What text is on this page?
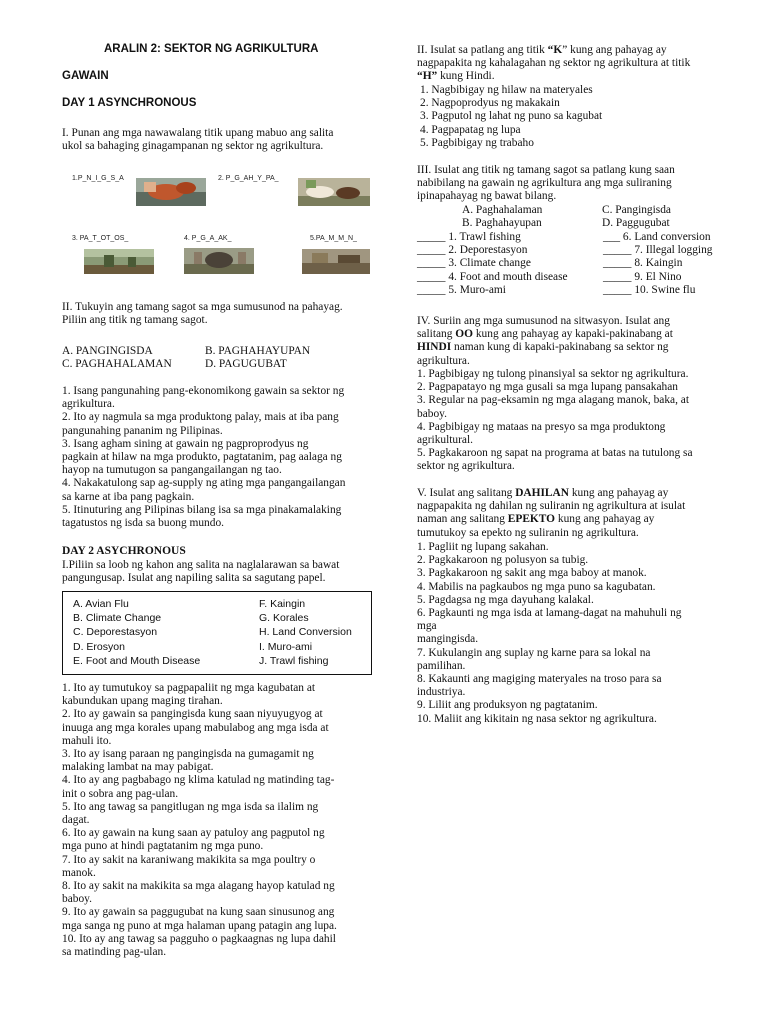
ARALIN 2: SEKTOR NG AGRIKULTURA
GAWAIN
DAY 1 ASYNCHRONOUS
I. Punan ang mga nawawalang titik upang mabuo ang salita
ukol sa bahaging ginagampanan ng sektor ng agrikultura.
1.P_N_I_G_S_A	2. P_G_AH_Y_PA_
3. PA_T_OT_OS_	4. P_G_A_AK_	5.PA_M_M_N_
II. Tukuyin ang tamang sagot sa mga sumusunod na pahayag.
Piliin ang titik ng tamang sagot.
A. PANGINGISDA	B. PAGHAHAYUPAN
C. PAGHAHALAMAN	D. PAGUGUBAT
1. Isang pangunahing pang-ekonomikong gawain sa sektor ng
agrikultura.
2. Ito ay nagmula sa mga produktong palay, mais at iba pang
pangunahing pananim ng Pilipinas.
3. Isang agham sining at gawain ng pagproprodyus ng
pagkain at hilaw na mga produkto, pagtatanim, pag aalaga ng
hayop na tumutugon sa pangangailangan ng tao.
4. Nakakatulong sap ag-supply ng ating mga pangangailangan
sa karne at iba pang pagkain.
5. Itinuturing ang Pilipinas bilang isa sa mga pinakamalaking
tagatustos ng isda sa buong mundo.
DAY 2 ASYCHRONOUS
I.Piliin sa loob ng kahon ang salita na naglalarawan sa bawat
pangungusap. Isulat ang napiling salita sa sagutang papel.
A. Avian Flu
B. Climate Change
C. Deporestasyon
D. Erosyon
E. Foot and Mouth Disease
F. Kaingin
G. Korales
H. Land Conversion
I. Muro-ami
J. Trawl fishing
1. Ito ay tumutukoy sa pagpapaliit ng mga kagubatan at
kabundukan upang maging tirahan.
2. Ito ay gawain sa pangingisda kung saan niyuyugyog at
inuuga ang mga korales upang mabulabog ang mga isda at
mahuli ito.
3. Ito ay isang paraan ng pangingisda na gumagamit ng
malaking lambat na may pabigat.
4. Ito ay ang pagbabago ng klima katulad ng matinding tag-
init o sobra ang pag-ulan.
5. Ito ang tawag sa pangitlugan ng mga isda sa ilalim ng
dagat.
6. Ito ay gawain na kung saan ay patuloy ang pagputol ng
mga puno at hindi pagtatanim ng mga puno.
7. Ito ay sakit na karaniwang makikita sa mga poultry o
manok.
8. Ito ay sakit na makikita sa mga alagang hayop katulad ng
baboy.
9. Ito ay gawain sa paggugubat na kung saan sinusunog ang
mga sanga ng puno at mga halaman upang patagin ang lupa.
10. Ito ay ang tawag sa pagguho o pagkaagnas ng lupa dahil
sa matinding pag-ulan.
II. Isulat sa patlang ang titik “K” kung ang pahayag ay
nagpapakita ng kahalagahan ng sektor ng agrikultura at titik
“H” kung Hindi.
1. Nagbibigay ng hilaw na materyales
2. Nagpoprodyus ng makakain
3. Pagputol ng lahat ng puno sa kagubat
4. Pagpapatag ng lupa
5. Pagbibigay ng trabaho
III. Isulat ang titik ng tamang sagot sa patlang kung saan
nabibilang na gawain ng agrikultura ang mga suliraning
ipinapahayag ng bawat bilang.
A. Paghahalaman	C. Pangingisda
B. Paghahayupan	D. Paggugubat
_____ 1. Trawl fishing
_____ 2. Deporestasyon
_____ 3. Climate change
_____ 4. Foot and mouth disease
_____ 5. Muro-ami
___ 6. Land conversion
_____ 7. Illegal logging
_____ 8. Kaingin
_____ 9. El Nino
_____ 10. Swine flu
IV. Suriin ang mga sumusunod na sitwasyon. Isulat ang
salitang OO kung ang pahayag ay kapaki-pakinabang at
HINDI naman kung di kapaki-pakinabang sa sektor ng
agrikultura.
1. Pagbibigay ng tulong pinansiyal sa sektor ng agrikultura.
2. Pagpapatayo ng mga gusali sa mga lupang pansakahan
3. Regular na pag-eksamin ng mga alagang manok, baka, at
baboy.
4. Pagbibigay ng mataas na presyo sa mga produktong
agrikultural.
5. Pagkakaroon ng sapat na programa at batas na tutulong sa
sektor ng agrikultura.
V. Isulat ang salitang DAHILAN kung ang pahayag ay
nagpapakita ng dahilan ng suliranin ng agrikultura at isulat
naman ang salitang EPEKTO kung ang pahayag ay
tumutukoy sa epekto ng suliranin ng agrikultura.
1. Pagliit ng lupang sakahan.
2. Pagkakaroon ng polusyon sa tubig.
3. Pagkakaroon ng sakit ang mga baboy at manok.
4. Mabilis na pagkaubos ng mga puno sa kagubatan.
5. Pagdagsa ng mga dayuhang kalakal.
6. Pagkaunti ng mga isda at lamang-dagat na mahuhuli ng
mga
mangingisda.
7. Kukulangin ang suplay ng karne para sa lokal na
pamilihan.
8. Kakaunti ang magiging materyales na troso para sa
industriya.
9. Liliit ang produksyon ng pagtatanim.
10. Maliit ang kikitain ng nasa sektor ng agrikultura.
